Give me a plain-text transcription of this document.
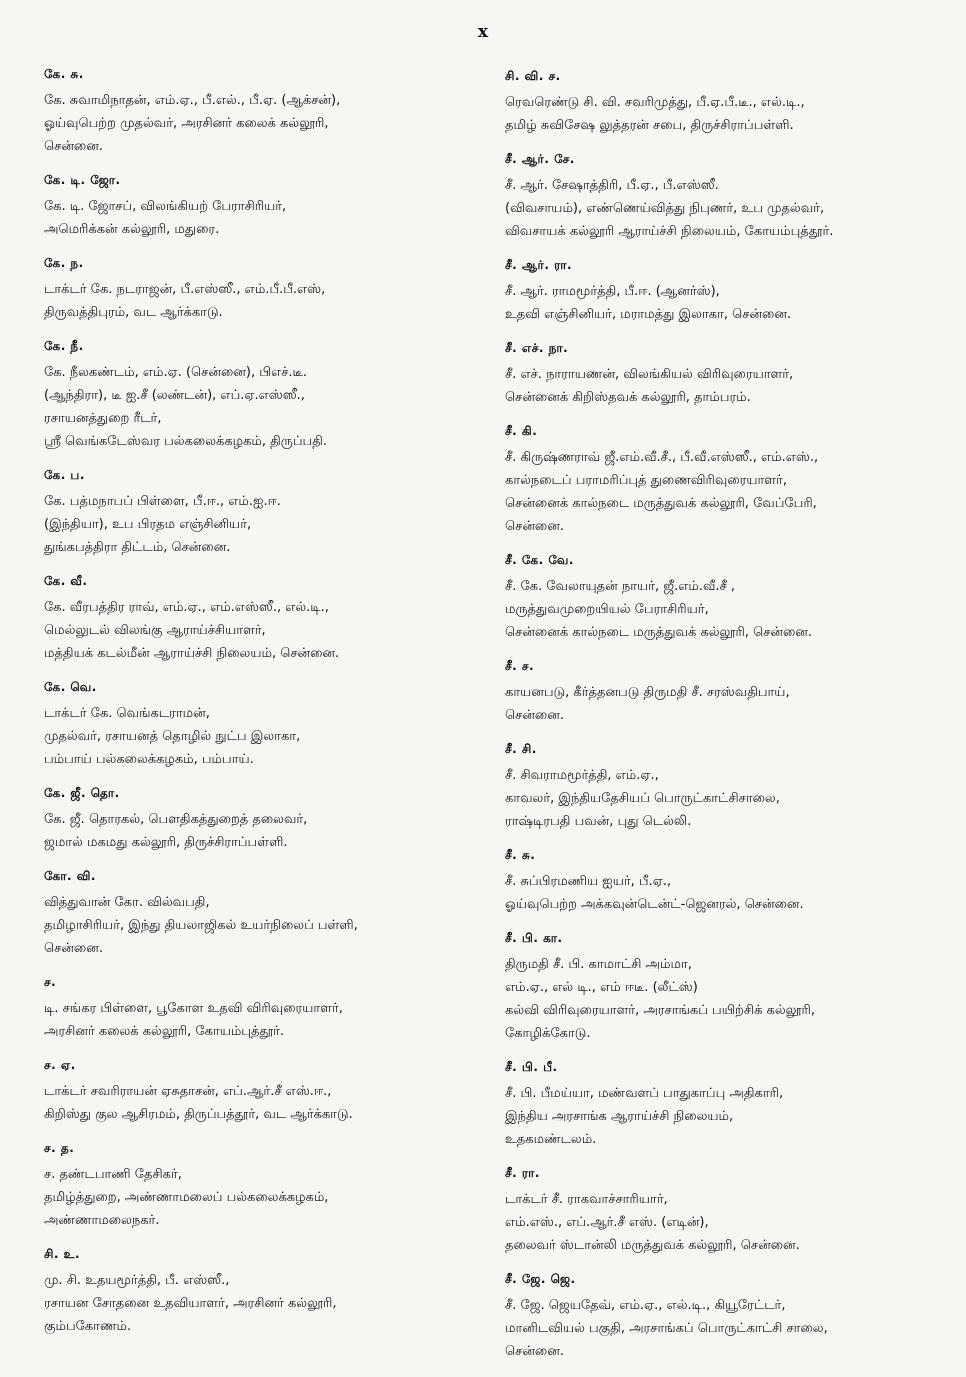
x
கே. சு.
கே. சுவாமிநாதன், எம்.ஏ., பீ.எல்., பீ.ஏ. (ஆக்சன்),
ஓய்வுபெற்ற முதல்வர், அரசினர் கலைக் கல்லூரி,
சென்னை.
கே. டி. ஜோ.
கே. டி. ஜோசப், விலங்கியற் பேராசிரியர்,
அமெரிக்கன் கல்லூரி, மதுரை.
கே. ந.
டாக்டர் கே. நடராஜன், பீ.எஸ்ஸீ., எம்.பீ.பீ.எஸ்,
திருவத்திபுரம், வட ஆர்க்காடு.
கே. நீ.
கே. நீலகண்டம், எம்.ஏ. (சென்னை), பிஎச்.டீ.
(ஆந்திரா), டீ ஐ.சீ (லண்டன்), எப்.ஏ.எஸ்ஸீ.,
ரசாயனத்துறை ரீடர்,
ஸ்ரீ வெங்கடேஸ்வர பல்கலைக்கழகம், திருப்பதி.
கே. ப.
கே. பத்மநாபப் பிள்ளை, பீ.ஈ., எம்.ஐ.ஈ.
(இந்தியா), உப பிரதம எஞ்சினியர்,
துங்கபத்திரா திட்டம், சென்னை.
கே. வீ.
கே. வீரபத்திர ராவ், எம்.ஏ., எம்.எஸ்ஸீ., எல்.டி.,
மெல்லுடல் விலங்கு ஆராய்ச்சியாளர்,
மத்தியக் கடல்மீன் ஆராய்ச்சி நிலையம், சென்னை.
கே. வெ.
டாக்டர் கே. வெங்கடராமன்,
முதல்வர், ரசாயனத் தொழில் நுட்ப இலாகா,
பம்பாய் பல்கலைக்கழகம், பம்பாய்.
கே. ஜீ. தொ.
கே. ஜீ. தொரகல், பௌதிகத்துறைத் தலைவர்,
ஜமால் மகமது கல்லூரி, திருச்சிராப்பள்ளி.
கோ. வி.
வித்துவான் கோ. வில்வபதி,
தமிழாசிரியர், இந்து தியலாஜிகல் உயர்நிலைப் பள்ளி,
சென்னை.
ச.
டி. சங்கர பிள்ளை, பூகோள உதவி விரிவுரையாளர்,
அரசினர் கலைக் கல்லூரி, கோயம்புத்தூர்.
ச. ஏ.
டாக்டர் சவரிராயன் ஏசுதாசன், எப்.ஆர்.சீ எஸ்.ஈ.,
கிறிஸ்து குல ஆசிரமம், திருப்பத்தூர், வட ஆர்க்காடு.
ச. த.
ச. தண்டபாணி தேசிகர்,
தமிழ்த்துறை, அண்ணாமலைப் பல்கலைக்கழகம்,
அண்ணாமலைநகர்.
சி. உ.
மு. சி. உதயமூர்த்தி, பீ. எஸ்ஸீ.,
ரசாயன சோதனை உதவியாளர், அரசினர் கல்லூரி,
கும்பகோணம்.
சி. வி. ச.
ரெவரெண்டு சி. வி. சவரிமுத்து, பீ.ஏ.பீ.டீ., எல்.டி.,
தமிழ் சுவிசேஷ லுத்தரன் சபை, திருச்சிராப்பள்ளி.
சீ. ஆர். சே.
சீ. ஆர். சேஷாத்திரி, பீ.ஏ., பீ.எஸ்ஸீ.
(விவசாயம்), எண்ணெய்வித்து நிபுணர், உப முதல்வர்,
விவசாயக் கல்லூரி ஆராய்ச்சி நிலையம், கோயம்புத்தூர்.
சீ. ஆர். ரா.
சீ. ஆர். ராமமூர்த்தி, பீ.ஈ. (ஆனர்ஸ்),
உதவி எஞ்சினியர், மராமத்து இலாகா, சென்னை.
சீ. எச். நா.
சீ. எச். நாராயணன், விலங்கியல் விரிவுரையாளர்,
சென்னைக் கிறிஸ்தவக் கல்லூரி, தாம்பரம்.
சீ. கி.
சீ. கிருஷ்ணராவ் ஜீ.எம்.வீ.சீ., பீ.வீ.எஸ்ஸீ., எம்.எஸ்.,
கால்நடைப் பராமரிப்புத் துணைவிரிவுரையாளர்,
சென்னைக் கால்நடை மருத்துவக் கல்லூரி, வேப்பேரி,
சென்னை.
சீ. கே. வே.
சீ. கே. வேலாயுதன் நாயர், ஜீ.எம்.வீ.சீ ,
மருத்துவமுறையியல் பேராசிரியர்,
சென்னைக் கால்நடை மருத்துவக் கல்லூரி, சென்னை.
சீ. ச.
காயனபடு, கீர்த்தனபடு திருமதி சீ. சரஸ்வதிபாய்,
சென்னை.
சீ. சி.
சீ. சிவராமமூர்த்தி, எம்.ஏ.,
காவலர், இந்தியதேசியப் பொருட்காட்சிசாலை,
ராஷ்டிரபதி பவன், புது டெல்லி.
சீ. சு.
சீ. சுப்பிரமணிய ஐயர், பீ.ஏ.,
ஓய்வுபெற்ற அக்கவுன்டென்ட்-ஜெனரல், சென்னை.
சீ. பி. கா.
திருமதி சீ. பி. காமாட்சி அம்மா,
எம்.ஏ., எல் டி., எம் ஈடீ. (லீட்ஸ்)
கல்வி விரிவுரையாளர், அரசாங்கப் பயிற்சிக் கல்லூரி,
கோழிக்கோடு.
சீ. பி. பீ.
சீ. பி. பீமய்யா, மண்வளப் பாதுகாப்பு அதிகாரி,
இந்திய அரசாங்க ஆராய்ச்சி நிலையம்,
உதகமண்டலம்.
சீ. ரா.
டாக்டர் சீ. ராகவாச்சாரியார்,
எம்.எஸ்., எப்.ஆர்.சீ எஸ். (எடின்),
தலைவர் ஸ்டான்லி மருத்துவக் கல்லூரி, சென்னை.
சீ. ஜே. ஜெ.
சீ. ஜே. ஜெயதேவ், எம்.ஏ., எல்.டி., கியூரேட்டர்,
மானிடவியல் பகுதி, அரசாங்கப் பொருட்காட்சி சாலை,
சென்னை.
